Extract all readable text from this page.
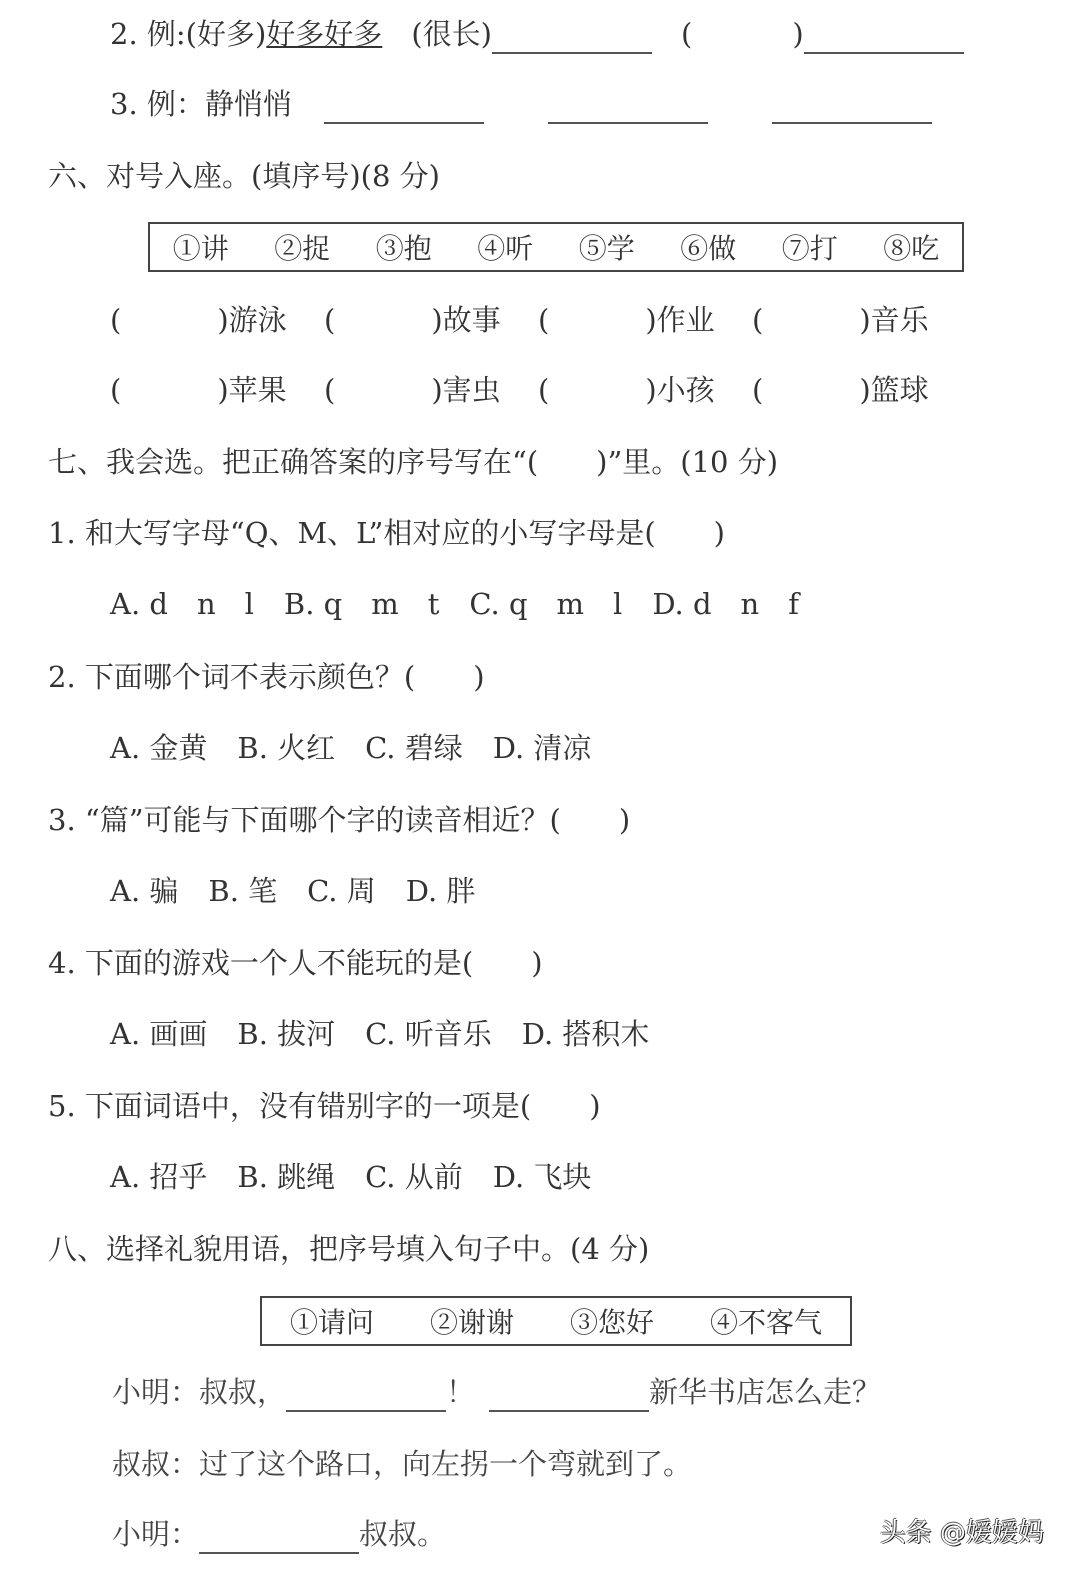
2. 例:(好多)好多好多　 (很长)　	(	)
3. 例：静悄悄
六、对号入座。(填序号)(8 分)
①讲 ②捉 ③抱 ④听 ⑤学 ⑥做 ⑦打 ⑧吃
(	)游泳 (	)故事 (	)作业 (	)音乐
(	)苹果 (	)害虫 (	)小孩 (	)篮球
七、我会选。把正确答案的序号写在“(　　)”里。(10 分)
1. 和大写字母“Q、M、L”相对应的小写字母是(　　)
A. d　n　l B. q　m　t C. q　m　l D. d　n　f
2. 下面哪个词不表示颜色？(　　)
A. 金黄 B. 火红 C. 碧绿 D. 清凉
3. “篇”可能与下面哪个字的读音相近？(　　)
A. 骗 B. 笔 C. 周 D. 胖
4. 下面的游戏一个人不能玩的是(　　)
A. 画画 B. 拔河 C. 听音乐 D. 搭积木
5. 下面词语中，没有错别字的一项是(　　)
A. 招乎 B. 跳绳 C. 从前 D. 飞块
八、选择礼貌用语，把序号填入句子中。(4 分)
①请问 ②谢谢 ③您好 ④不客气
小明：叔叔，	！	新华书店怎么走？
叔叔：过了这个路口，向左拐一个弯就到了。
小明：	叔叔。	头条 @嫒嫒妈
